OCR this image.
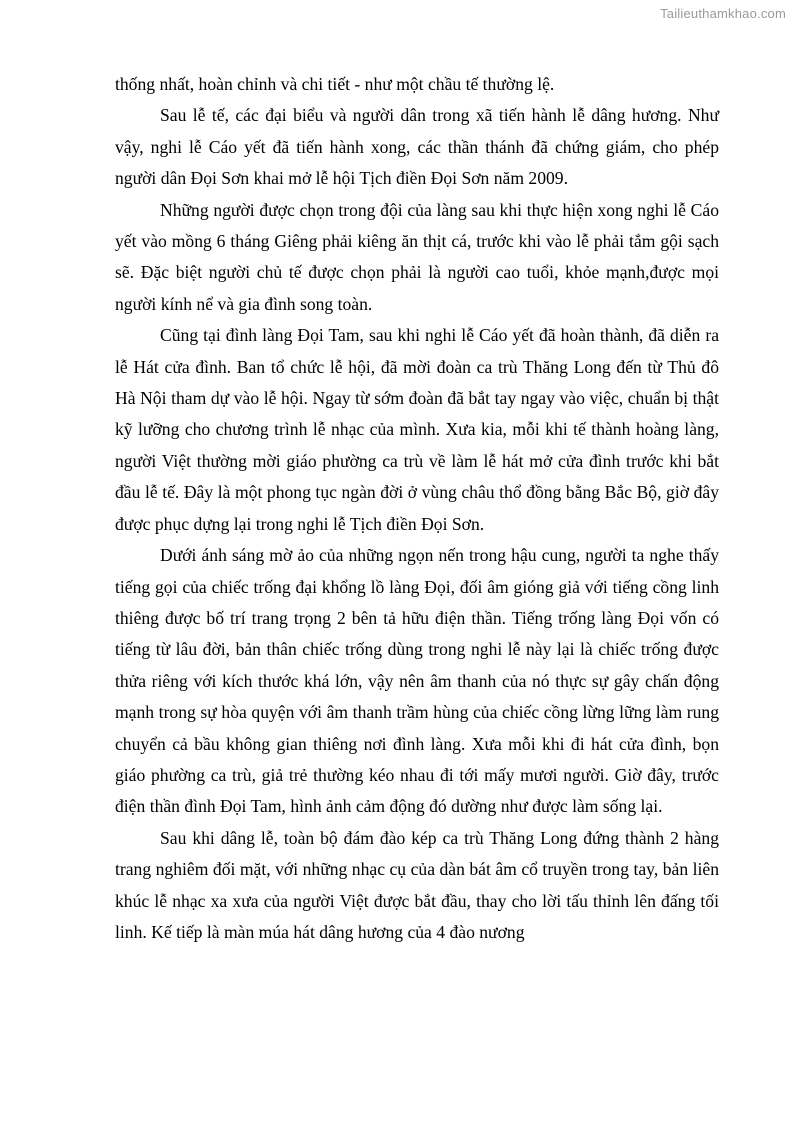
Tailieuthamkhao.com

thống nhất, hoàn chỉnh và chi tiết - như một chầu tế thường lệ.

Sau lễ tế, các đại biểu và người dân trong xã tiến hành lễ dâng hương. Như vậy, nghi lễ Cáo yết đã tiến hành xong, các thần thánh đã chứng giám, cho phép người dân Đọi Sơn khai mở lễ hội Tịch điền Đọi Sơn năm 2009.

Những người được chọn trong đội của làng sau khi thực hiện xong nghi lễ Cáo yết vào mồng 6 tháng Giêng phải kiêng ăn thịt cá, trước khi vào lễ phải tắm gội sạch sẽ. Đặc biệt người chủ tế được chọn phải là người cao tuổi, khỏe mạnh,được mọi người kính nể và gia đình song toàn.

Cũng tại đình làng Đọi Tam, sau khi nghi lễ Cáo yết đã hoàn thành, đã diễn ra lễ Hát cửa đình. Ban tổ chức lễ hội, đã mời đoàn ca trù Thăng Long đến từ Thủ đô Hà Nội tham dự vào lễ hội. Ngay từ sớm đoàn đã bắt tay ngay vào việc, chuẩn bị thật kỹ lưỡng cho chương trình lễ nhạc của mình. Xưa kia, mỗi khi tế thành hoàng làng, người Việt thường mời giáo phường ca trù về làm lễ hát mở cửa đình trước khi bắt đầu lễ tế. Đây là một phong tục ngàn đời ở vùng châu thổ đồng bằng Bắc Bộ, giờ đây được phục dựng lại trong nghi lễ Tịch điền Đọi Sơn.

Dưới ánh sáng mờ ảo của những ngọn nến trong hậu cung, người ta nghe thấy tiếng gọi của chiếc trống đại khổng lồ làng Đọi, đối âm gióng giả với tiếng cồng linh thiêng được bố trí trang trọng 2 bên tả hữu điện thần. Tiếng trống làng Đọi vốn có tiếng từ lâu đời, bản thân chiếc trống dùng trong nghi lễ này lại là chiếc trống được thửa riêng với kích thước khá lớn, vậy nên âm thanh của nó thực sự gây chấn động mạnh trong sự hòa quyện với âm thanh trầm hùng của chiếc cồng lừng lững làm rung chuyển cả bầu không gian thiêng nơi đình làng. Xưa mỗi khi đi hát cửa đình, bọn giáo phường ca trù, giả trẻ thường kéo nhau đi tới mấy mươi người. Giờ đây, trước điện thần đình Đọi Tam, hình ảnh cảm động đó dường như được làm sống lại.

Sau khi dâng lễ, toàn bộ đám đào kép ca trù Thăng Long đứng thành 2 hàng trang nghiêm đối mặt, với những nhạc cụ của dàn bát âm cổ truyền trong tay, bản liên khúc lễ nhạc xa xưa của người Việt được bắt đầu, thay cho lời tấu thỉnh lên đấng tối linh. Kế tiếp là màn múa hát dâng hương của 4 đào nương
